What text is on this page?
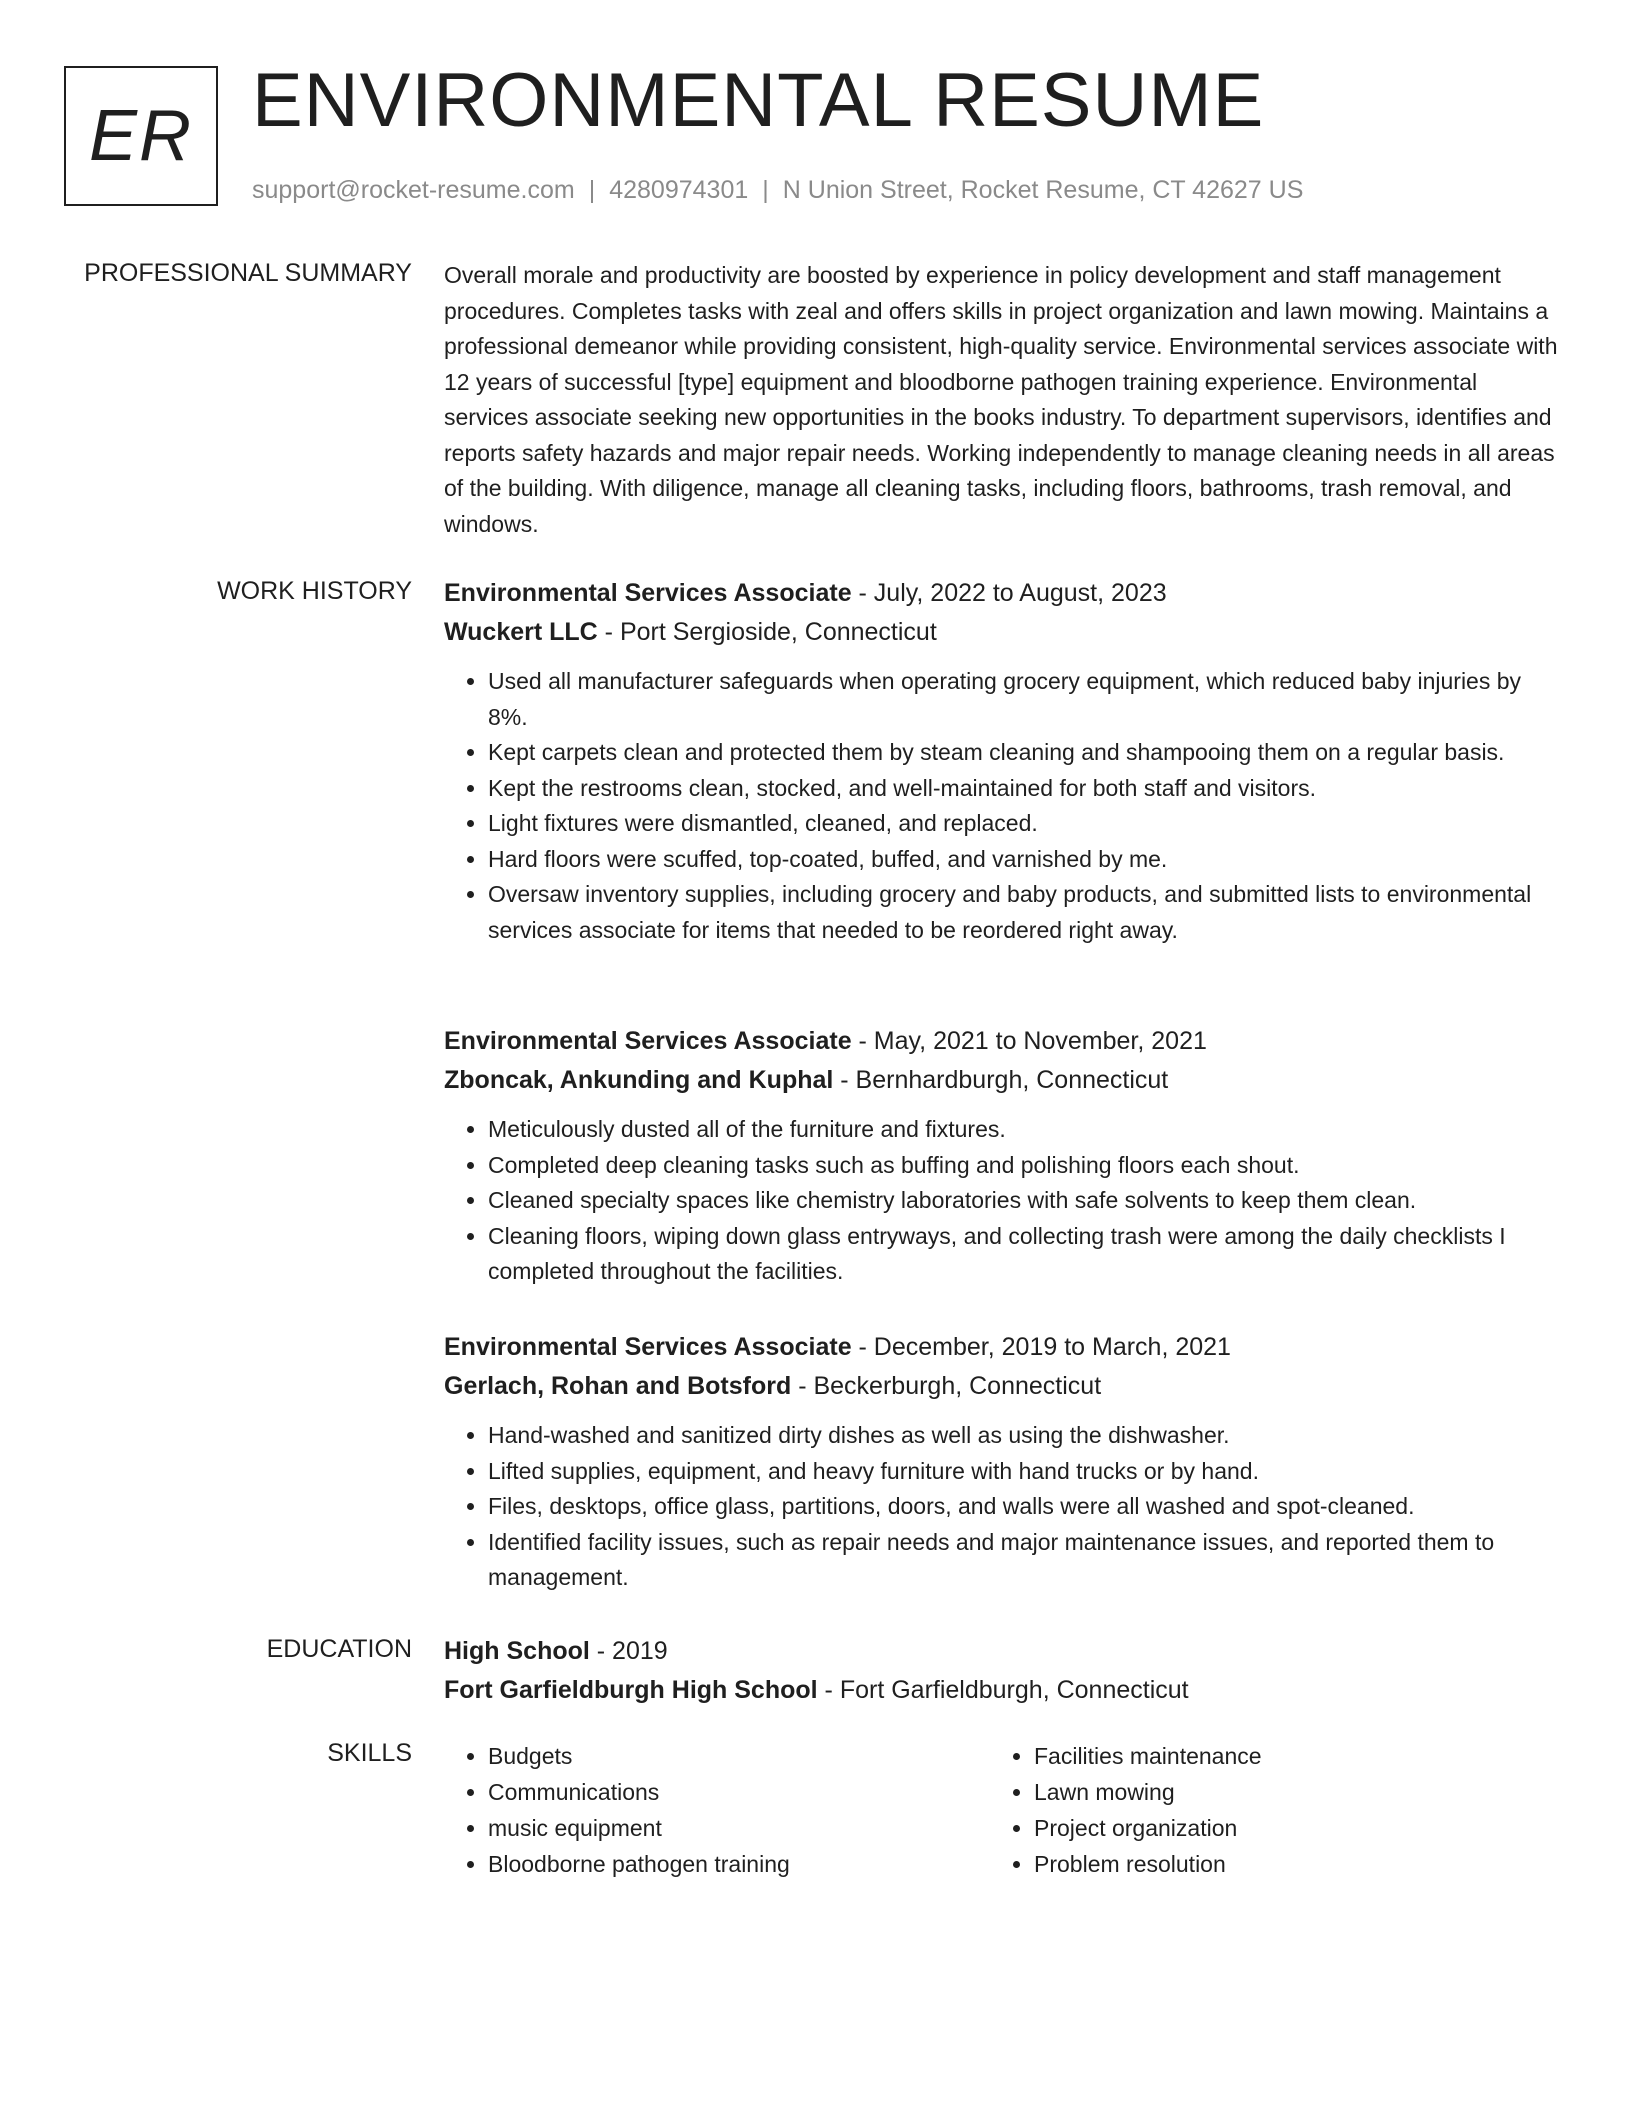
ER ENVIRONMENTAL RESUME
support@rocket-resume.com | 4280974301 | N Union Street, Rocket Resume, CT 42627 US
PROFESSIONAL SUMMARY Overall morale and productivity are boosted by experience in policy development and staff management procedures. Completes tasks with zeal and offers skills in project organization and lawn mowing. Maintains a professional demeanor while providing consistent, high-quality service. Environmental services associate with 12 years of successful [type] equipment and bloodborne pathogen training experience. Environmental services associate seeking new opportunities in the books industry. To department supervisors, identifies and reports safety hazards and major repair needs. Working independently to manage cleaning needs in all areas of the building. With diligence, manage all cleaning tasks, including floors, bathrooms, trash removal, and windows.

WORK HISTORY Environmental Services Associate - July, 2022 to August, 2023
Wuckert LLC - Port Sergioside, Connecticut
• Used all manufacturer safeguards when operating grocery equipment, which reduced baby injuries by 8%.
• Kept carpets clean and protected them by steam cleaning and shampooing them on a regular basis.
• Kept the restrooms clean, stocked, and well-maintained for both staff and visitors.
• Light fixtures were dismantled, cleaned, and replaced.
• Hard floors were scuffed, top-coated, buffed, and varnished by me.
• Oversaw inventory supplies, including grocery and baby products, and submitted lists to environmental services associate for items that needed to be reordered right away.
Environmental Services Associate - May, 2021 to November, 2021
Zboncak, Ankunding and Kuphal - Bernhardburgh, Connecticut
• Meticulously dusted all of the furniture and fixtures.
• Completed deep cleaning tasks such as buffing and polishing floors each shout.
• Cleaned specialty spaces like chemistry laboratories with safe solvents to keep them clean.
• Cleaning floors, wiping down glass entryways, and collecting trash were among the daily checklists I completed throughout the facilities.
Environmental Services Associate - December, 2019 to March, 2021
Gerlach, Rohan and Botsford - Beckerburgh, Connecticut
• Hand-washed and sanitized dirty dishes as well as using the dishwasher.
• Lifted supplies, equipment, and heavy furniture with hand trucks or by hand.
• Files, desktops, office glass, partitions, doors, and walls were all washed and spot-cleaned.
• Identified facility issues, such as repair needs and major maintenance issues, and reported them to management.
EDUCATION High School - 2019
Fort Garfieldburgh High School - Fort Garfieldburgh, Connecticut
SKILLS
•	Budgets
• Communications
• music equipment
• Bloodborne pathogen training
• Facilities maintenance
• Lawn mowing
• Project organization
• Problem resolution
